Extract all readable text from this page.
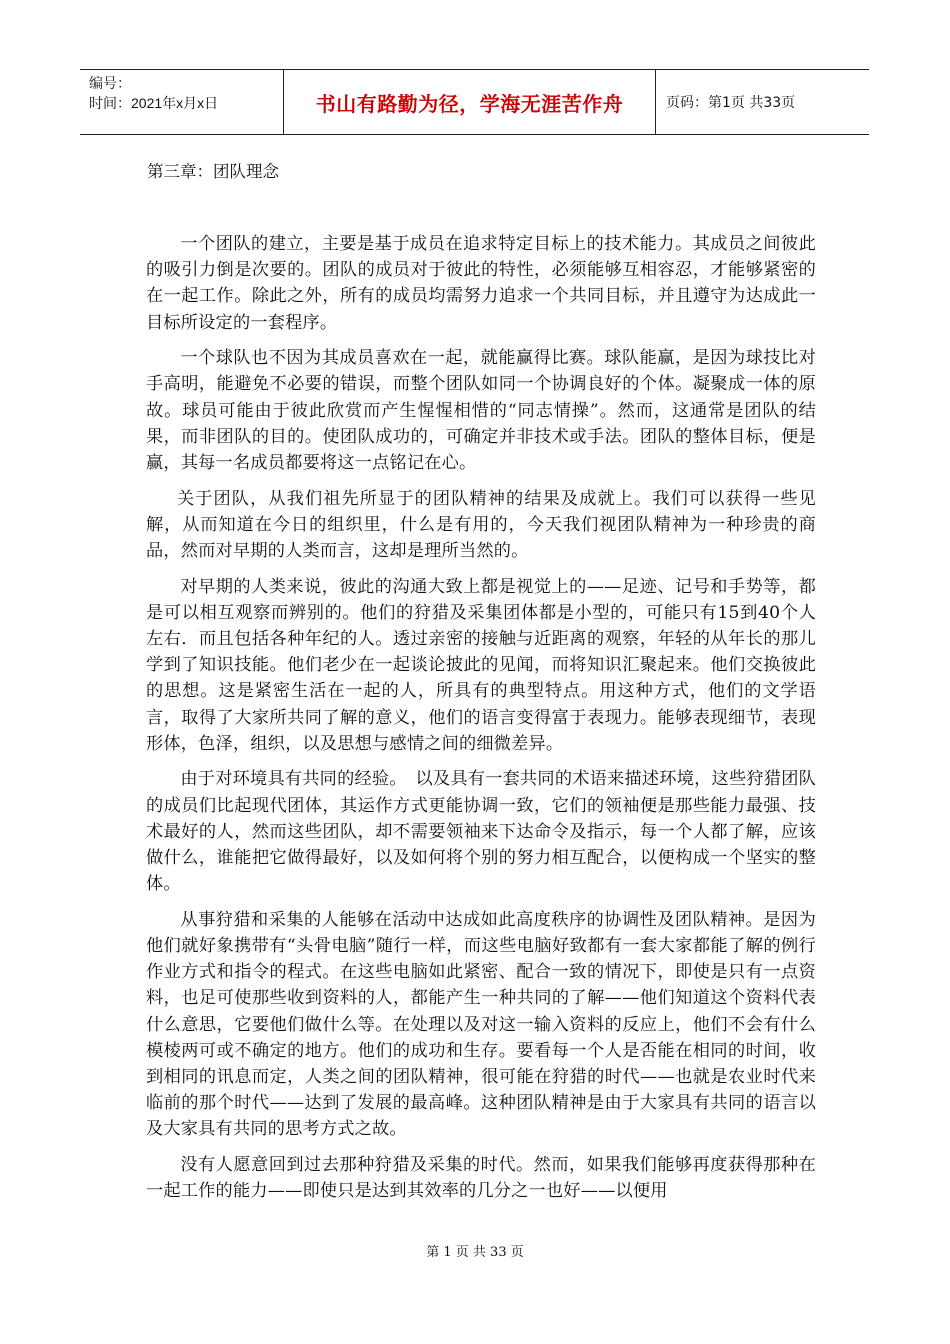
编号：
时间：2021年x月x日	书山有路勤为径，学海无涯苦作舟	页码：第1页 共33页
第三章：团队理念

一个团队的建立，主要是基于成员在追求特定目标上的技术能力。其成员之间彼此的吸引力倒是次要的。团队的成员对于彼此的特性，必须能够互相容忍，才能够紧密的在一起工作。除此之外，所有的成员均需努力追求一个共同目标，并且遵守为达成此一目标所设定的一套程序。

一个球队也不因为其成员喜欢在一起，就能赢得比赛。球队能赢，是因为球技比对手高明，能避免不必要的错误，而整个团队如同一个协调良好的个体。凝聚成一体的原故。球员可能由于彼此欣赏而产生惺惺相惜的“同志情操”。然而，这通常是团队的结果，而非团队的目的。使团队成功的，可确定并非技术或手法。团队的整体目标，便是赢，其每一名成员都要将这一点铭记在心。

关于团队，从我们祖先所显于的团队精神的结果及成就上。我们可以获得一些见解，从而知道在今日的组织里，什么是有用的，今天我们视团队精神为一种珍贵的商品，然而对早期的人类而言，这却是理所当然的。

对早期的人类来说，彼此的沟通大致上都是视觉上的——足迹、记号和手势等，都是可以相互观察而辨别的。他们的狩猎及采集团体都是小型的，可能只有15到40个人左右．而且包括各种年纪的人。透过亲密的接触与近距离的观察，年轻的从年长的那儿学到了知识技能。他们老少在一起谈论披此的见闻，而将知识汇聚起来。他们交换彼此的思想。这是紧密生活在一起的人，所具有的典型特点。用这种方式，他们的文学语言，取得了大家所共同了解的意义，他们的语言变得富于表现力。能够表现细节，表现形体，色泽，组织，以及思想与感情之间的细微差异。

由于对环境具有共同的经验。　以及具有一套共同的术语来描述环境，这些狩猎团队的成员们比起现代团体，其运作方式更能协调一致，它们的领袖便是那些能力最强、技术最好的人，然而这些团队，却不需要领袖来下达命令及指示，每一个人都了解，应该做什么，谁能把它做得最好，以及如何将个别的努力相互配合，以便构成一个坚实的整体。

从事狩猎和采集的人能够在活动中达成如此高度秩序的协调性及团队精神。是因为他们就好象携带有“头骨电脑”随行一样，而这些电脑好致都有一套大家都能了解的例行作业方式和指令的程式。在这些电脑如此紧密、配合一致的情况下，即使是只有一点资料，也足可使那些收到资料的人，都能产生一种共同的了解——他们知道这个资料代表什么意思，它要他们做什么等。在处理以及对这一输入资料的反应上，他们不会有什么模棱两可或不确定的地方。他们的成功和生存。要看每一个人是否能在相同的时间，收到相同的讯息而定，人类之间的团队精神，很可能在狩猎的时代——也就是农业时代来临前的那个时代——达到了发展的最高峰。这种团队精神是由于大家具有共同的语言以及大家具有共同的思考方式之故。

没有人愿意回到过去那种狩猎及采集的时代。然而，如果我们能够再度获得那种在一起工作的能力——即使只是达到其效率的几分之一也好——以便用

第 1 页 共 33 页
